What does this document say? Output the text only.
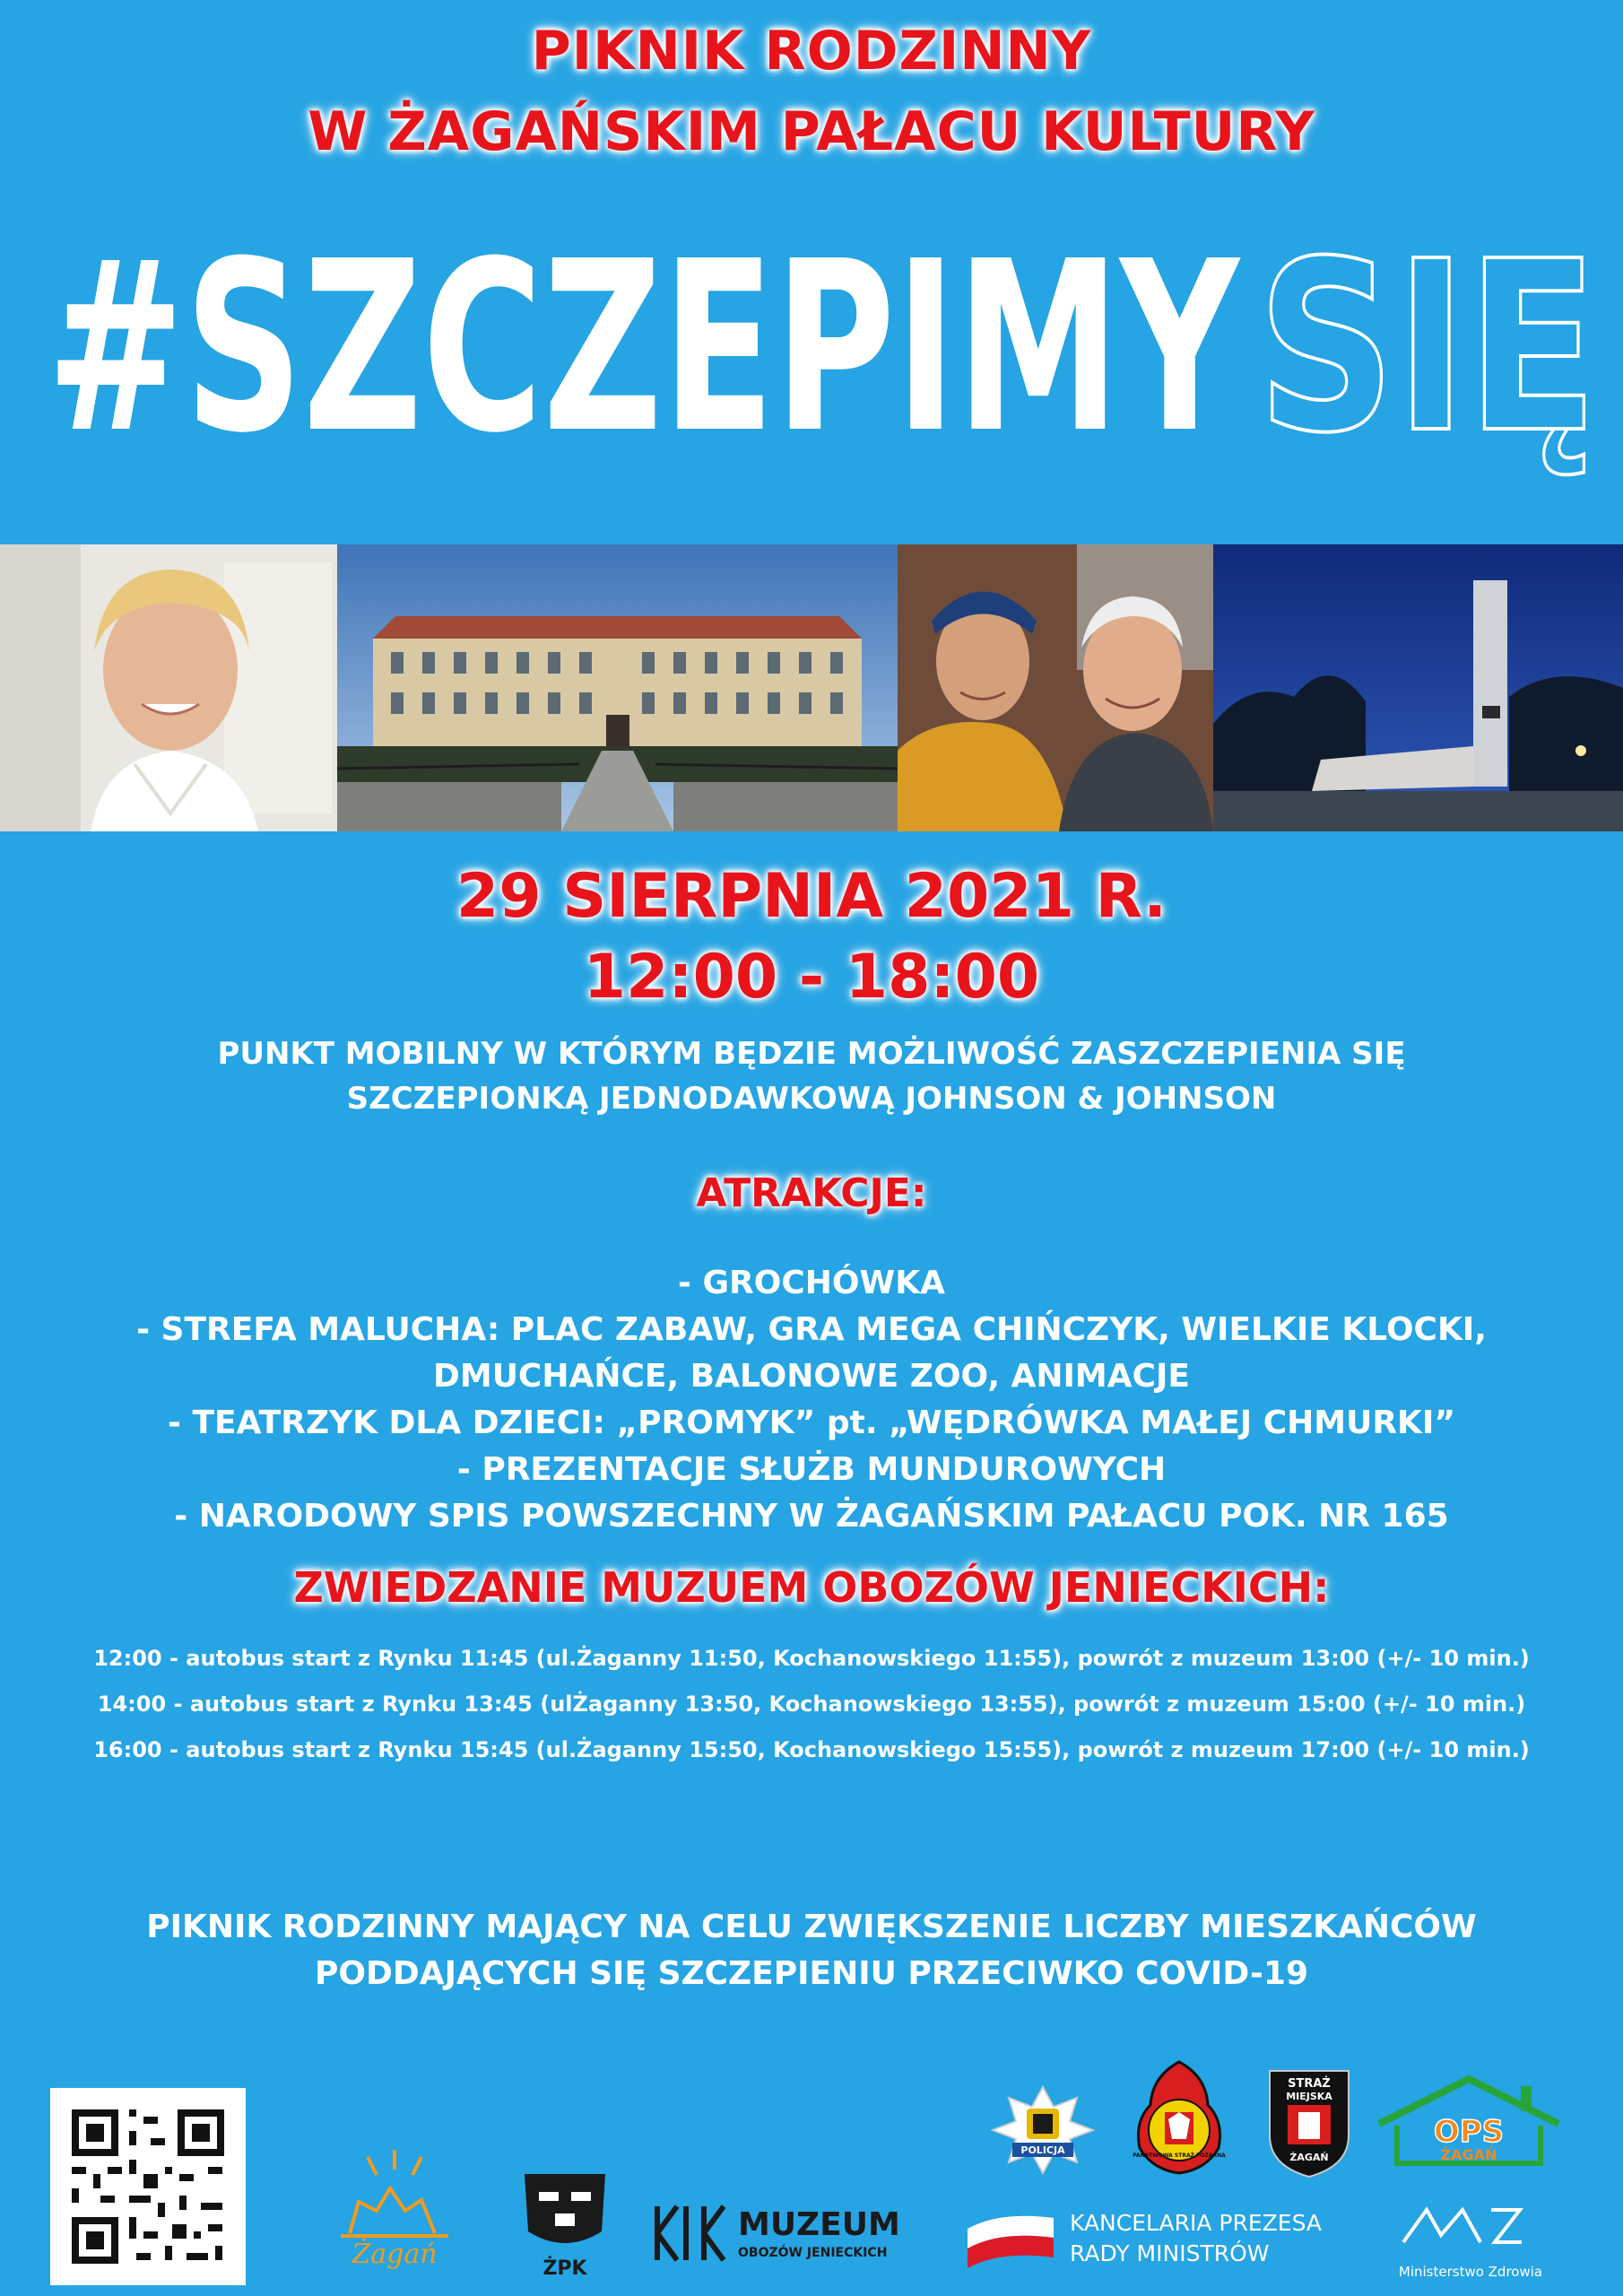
PIKNIK RODZINNY
W ŻAGAŃSKIM PAŁACU KULTURY
#SZCZEPIMY SIĘ
29 SIERPNIA 2021 R.
12:00 - 18:00
PUNKT MOBILNY W KTÓRYM BĘDZIE MOŻLIWOŚĆ ZASZCZEPIENIA SIĘ
SZCZEPIONKĄ JEDNODAWKOWĄ JOHNSON & JOHNSON
ATRAKCJE:
- GROCHÓWKA
- STREFA MALUCHA: PLAC ZABAW, GRA MEGA CHIŃCZYK, WIELKIE KLOCKI,
DMUCHAŃCE, BALONOWE ZOO, ANIMACJE
- TEATRZYK DLA DZIECI: „PROMYK” pt. „WĘDRÓWKA MAŁEJ CHMURKI”
- PREZENTACJE SŁUŻB MUNDUROWYCH
- NARODOWY SPIS POWSZECHNY W ŻAGAŃSKIM PAŁACU POK. NR 165
ZWIEDZANIE MUZUEM OBOZÓW JENIECKICH:
12:00 - autobus start z Rynku 11:45 (ul.Żaganny 11:50, Kochanowskiego 11:55), powrót z muzeum 13:00 (+/- 10 min.)
14:00 - autobus start z Rynku 13:45 (ulŻaganny 13:50, Kochanowskiego 13:55), powrót z muzeum 15:00 (+/- 10 min.)
16:00 - autobus start z Rynku 15:45 (ul.Żaganny 15:50, Kochanowskiego 15:55), powrót z muzeum 17:00 (+/- 10 min.)
PIKNIK RODZINNY MAJĄCY NA CELU ZWIĘKSZENIE LICZBY MIESZKAŃCÓW
PODDAJĄCYCH SIĘ SZCZEPIENIU PRZECIWKO COVID-19
POLICJA	PAŃSTWOWA STRAŻ POŻARNA
STRAŻ
MIEJSKA
ŻAGAŃ
OPS
ŻAGAŃ
Żagań	ŻPK
MUZEUM
OBOZÓW JENIECKICH
KANCELARIA PREZESA
RADY MINISTRÓW
Ministerstwo Zdrowia
